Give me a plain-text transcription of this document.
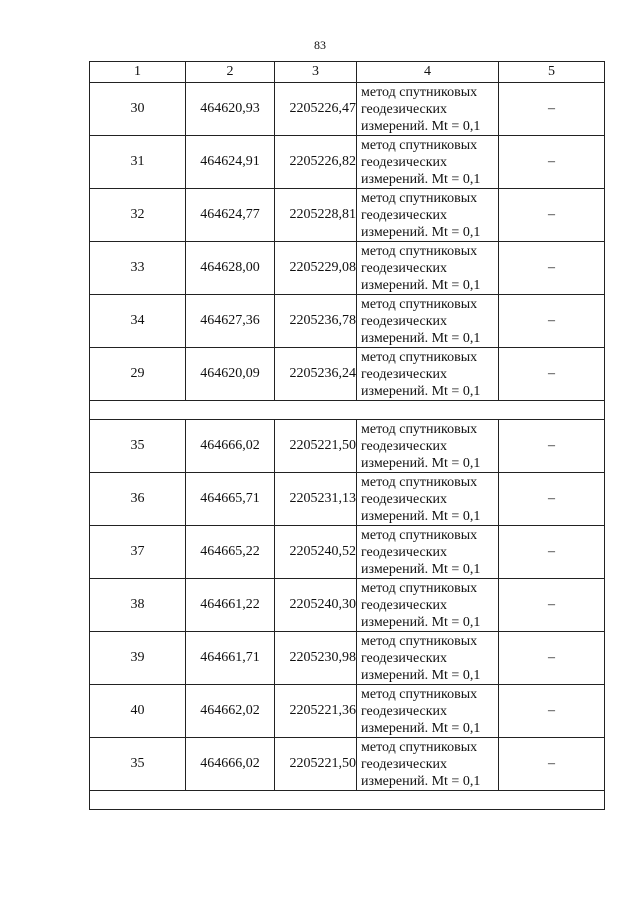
83
1	2	3	4	5
30	464620,93	2205226,47	метод спутниковых
геодезических
измерений. Mt = 0,1	–
31	464624,91	2205226,82	метод спутниковых
геодезических
измерений. Mt = 0,1	–
32	464624,77	2205228,81	метод спутниковых
геодезических
измерений. Mt = 0,1	–
33	464628,00	2205229,08	метод спутниковых
геодезических
измерений. Mt = 0,1	–
34	464627,36	2205236,78	метод спутниковых
геодезических
измерений. Mt = 0,1	–
29	464620,09	2205236,24	метод спутниковых
геодезических
измерений. Mt = 0,1	–

35	464666,02	2205221,50	метод спутниковых
геодезических
измерений. Mt = 0,1	–
36	464665,71	2205231,13	метод спутниковых
геодезических
измерений. Mt = 0,1	–
37	464665,22	2205240,52	метод спутниковых
геодезических
измерений. Mt = 0,1	–
38	464661,22	2205240,30	метод спутниковых
геодезических
измерений. Mt = 0,1	–
39	464661,71	2205230,98	метод спутниковых
геодезических
измерений. Mt = 0,1	–
40	464662,02	2205221,36	метод спутниковых
геодезических
измерений. Mt = 0,1	–
35	464666,02	2205221,50	метод спутниковых
геодезических
измерений. Mt = 0,1	–
